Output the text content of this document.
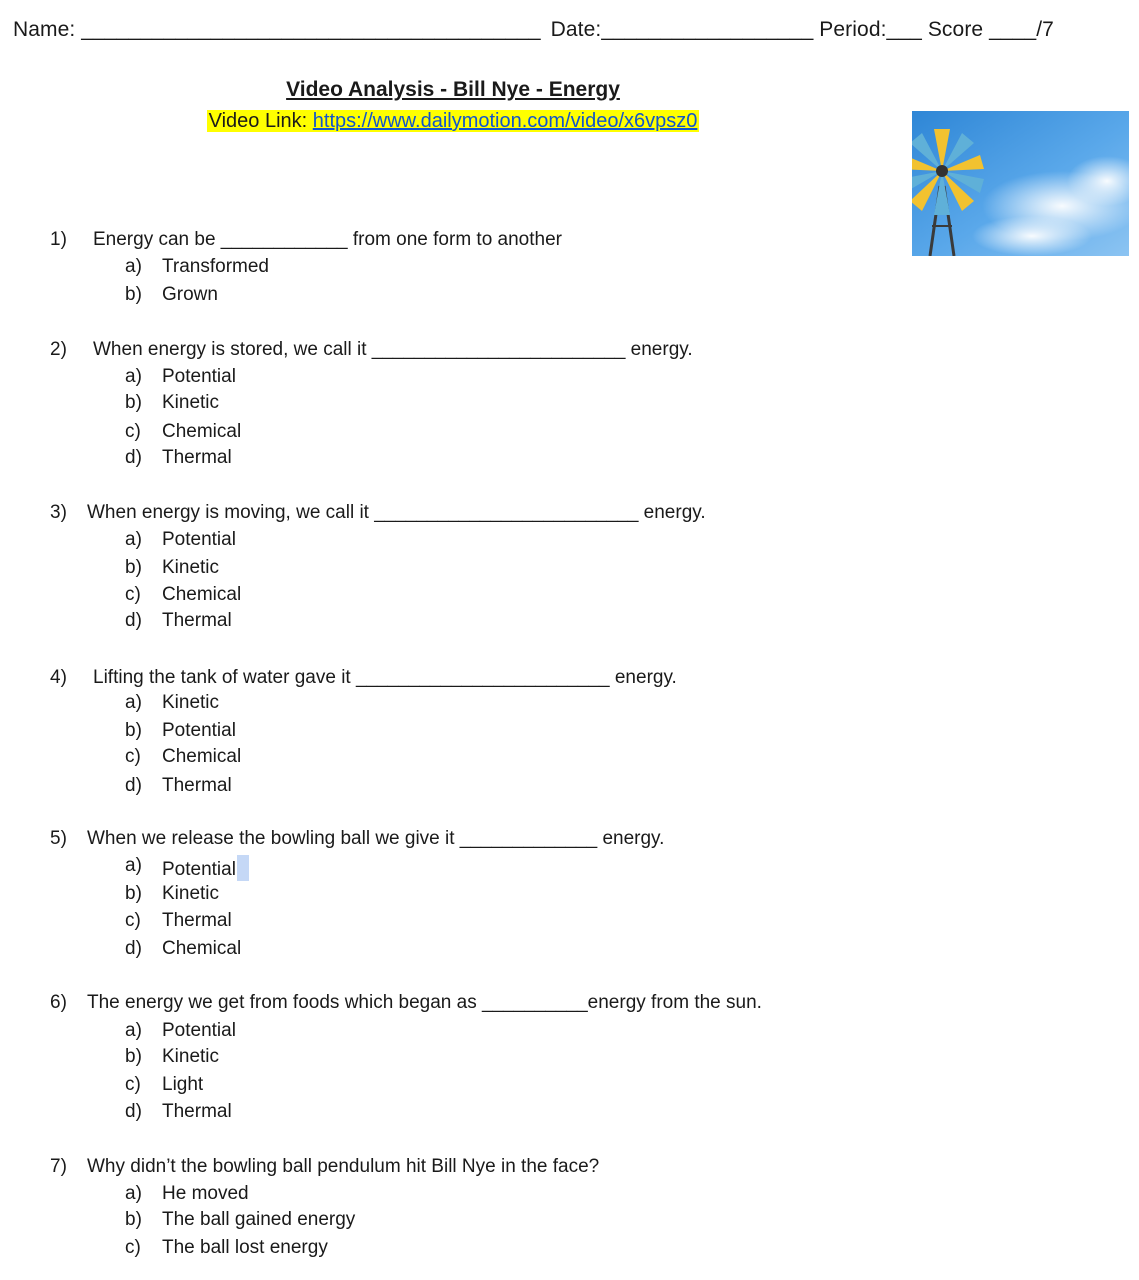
Name: _______________________________________ Date:__________________ Period:___ Score ____/7
Video Analysis - Bill Nye - Energy
Video Link: https://www.dailymotion.com/video/x6vpsz0
1) Energy can be ____________ from one form to another
a) Transformed
b) Grown
2) When energy is stored, we call it ________________________ energy.
a) Potential
b) Kinetic
c) Chemical
d) Thermal
3) When energy is moving, we call it _________________________ energy.
a) Potential
b) Kinetic
c) Chemical
d) Thermal
4) Lifting the tank of water gave it ________________________ energy.
a) Kinetic
b) Potential
c) Chemical
d) Thermal
5) When we release the bowling ball we give it _____________ energy.
a) Potential
b) Kinetic
c) Thermal
d) Chemical
6) The energy we get from foods which began as __________energy from the sun.
a) Potential
b) Kinetic
c) Light
d) Thermal
7) Why didn’t the bowling ball pendulum hit Bill Nye in the face?
a) He moved
b) The ball gained energy
c) The ball lost energy
